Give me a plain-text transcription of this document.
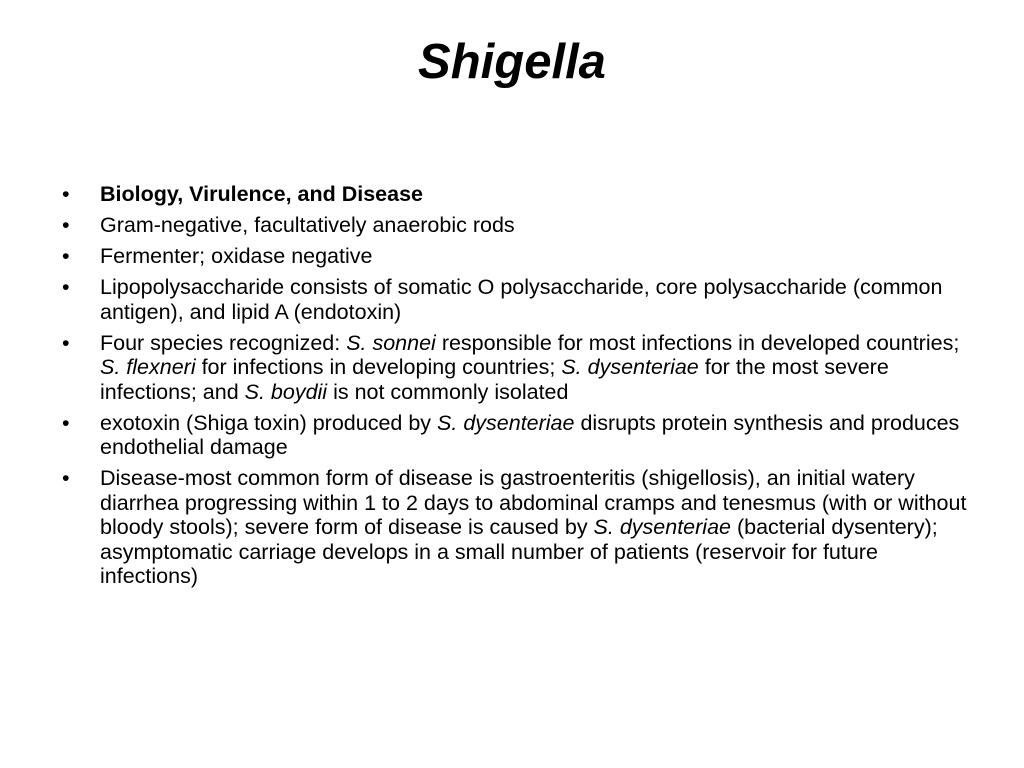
Shigella
• Biology, Virulence, and Disease
• Gram-negative, facultatively anaerobic rods
• Fermenter; oxidase negative
• Lipopolysaccharide consists of somatic O polysaccharide, core polysaccharide (common antigen), and lipid A (endotoxin)
• Four species recognized: S. sonnei responsible for most infections in developed countries; S. flexneri for infections in developing countries; S. dysenteriae for the most severe infections; and S. boydii is not commonly isolated
• exotoxin (Shiga toxin) produced by S. dysenteriae disrupts protein synthesis and produces endothelial damage
• Disease-most common form of disease is gastroenteritis (shigellosis), an initial watery diarrhea progressing within 1 to 2 days to abdominal cramps and tenesmus (with or without bloody stools); severe form of disease is caused by S. dysenteriae (bacterial dysentery); asymptomatic carriage develops in a small number of patients (reservoir for future infections)
